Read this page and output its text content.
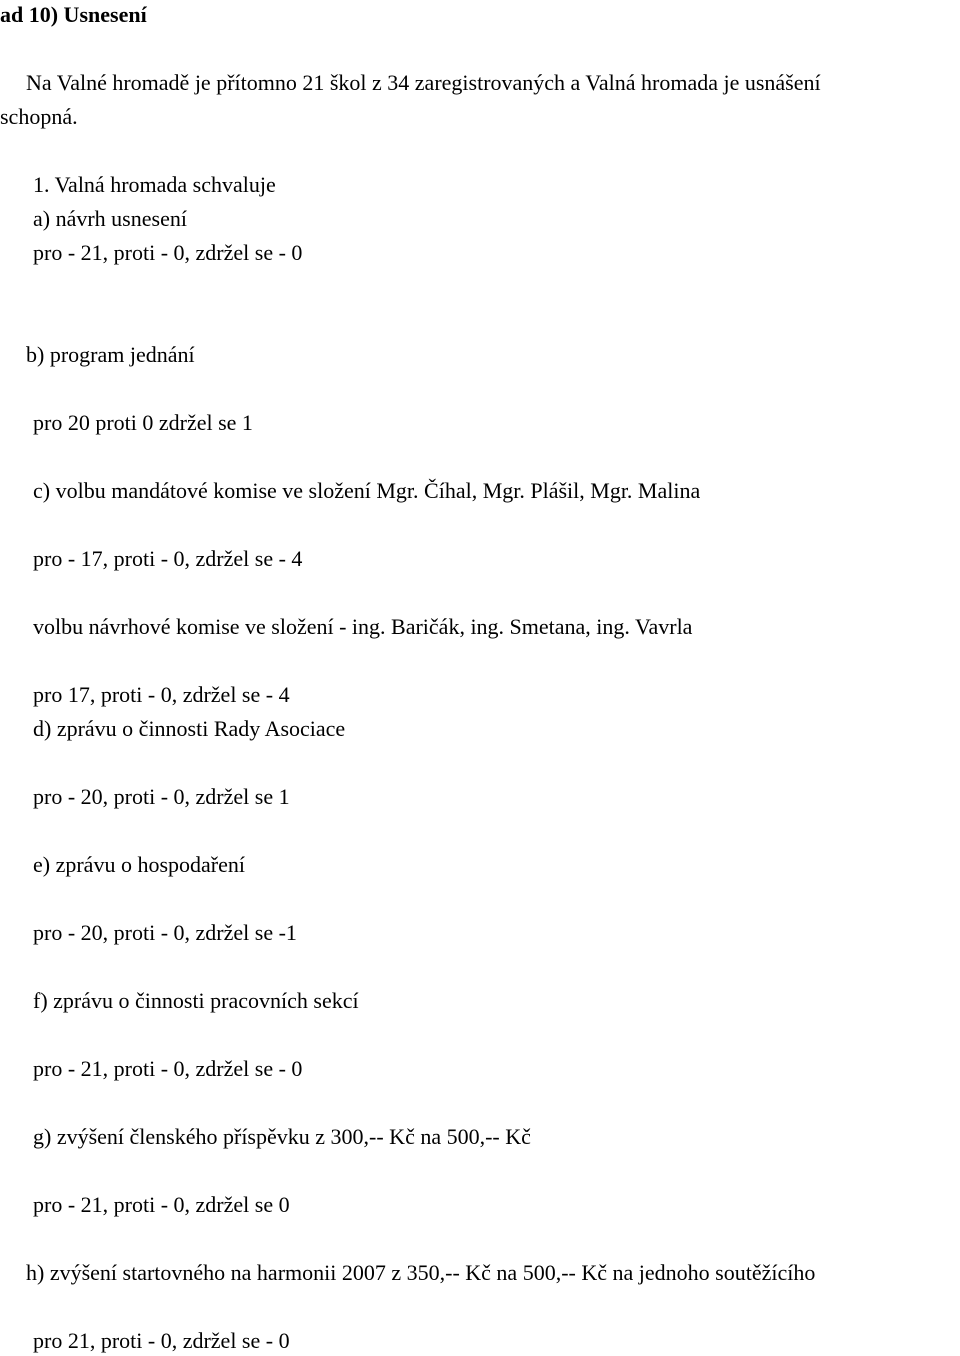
ad 10) Usnesení
Na Valné hromadě je přítomno 21 škol z 34 zaregistrovaných a Valná hromada je usnášení
schopná.
1. Valná hromada schvaluje
a) návrh usnesení
pro - 21, proti - 0, zdržel se - 0
b) program jednání
pro 20 proti 0 zdržel se 1
c) volbu mandátové komise ve složení Mgr. Číhal, Mgr. Plášil, Mgr. Malina
pro - 17, proti - 0, zdržel se - 4
volbu návrhové komise ve složení - ing. Baričák, ing. Smetana, ing. Vavrla
pro 17, proti - 0, zdržel se - 4
d) zprávu o činnosti Rady Asociace
pro - 20, proti - 0, zdržel se 1
e) zprávu o hospodaření
pro - 20, proti - 0, zdržel se -1
f) zprávu o činnosti pracovních sekcí
pro - 21, proti - 0, zdržel se - 0
g) zvýšení členského příspěvku z 300,-- Kč na 500,-- Kč
pro - 21, proti - 0, zdržel se 0
h) zvýšení startovného na harmonii 2007 z 350,-- Kč na 500,-- Kč na jednoho soutěžícího
pro 21, proti - 0, zdržel se - 0
